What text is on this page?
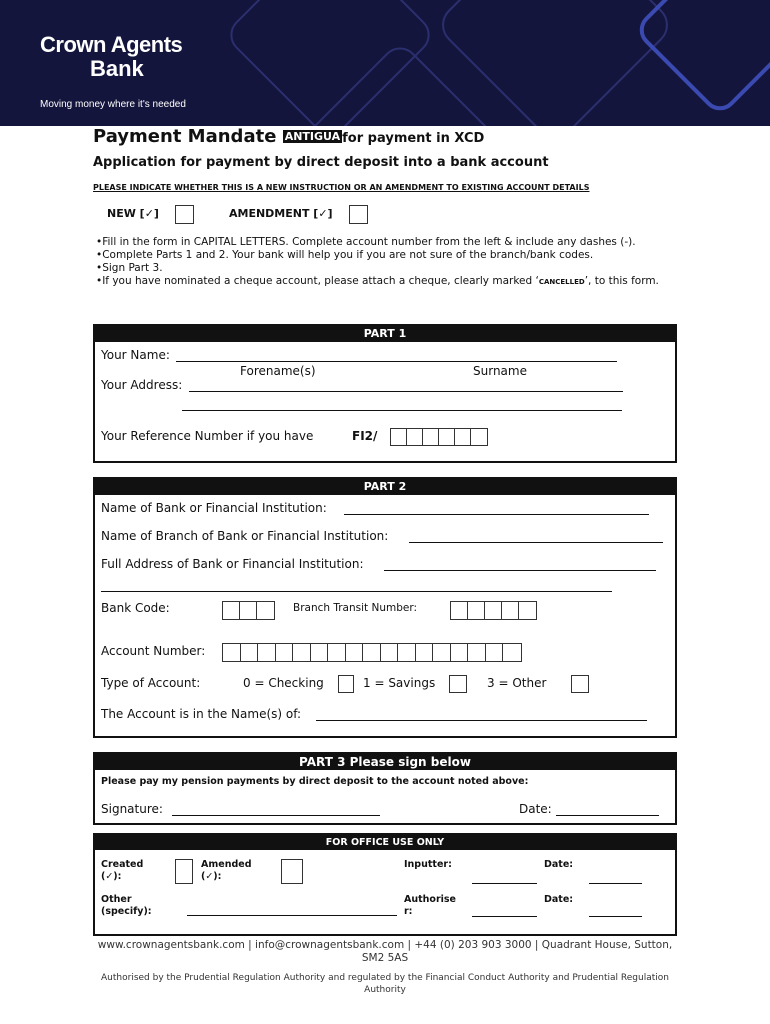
Crown Agents
Bank
Moving money where it's needed
Payment Mandate ANTIGUA for payment in XCD
Application for payment by direct deposit into a bank account
PLEASE INDICATE WHETHER THIS IS A NEW INSTRUCTION OR AN AMENDMENT TO EXISTING ACCOUNT DETAILS
NEW [✓]	AMENDMENT [✓]
•Fill in the form in CAPITAL LETTERS. Complete account number from the left & include any dashes (-).
•Complete Parts 1 and 2. Your bank will help you if you are not sure of the branch/bank codes.
•Sign Part 3.
•If you have nominated a cheque account, please attach a cheque, clearly marked ‘CANCELLED’, to this form.
PART 1
Your Name:
Forename(s)	Surname
Your Address:
Your Reference Number if you have	FI2/
PART 2
Name of Bank or Financial Institution:
Name of Branch of Bank or Financial Institution:
Full Address of Bank or Financial Institution:
Bank Code:	Branch Transit Number:
Account Number:
Type of Account:	0 = Checking	1 = Savings	3 = Other
The Account is in the Name(s) of:
PART 3 Please sign below
Please pay my pension payments by direct deposit to the account noted above:
Signature:	Date:
FOR OFFICE USE ONLY
Created (✓):
Amended (✓):
Inputter:	Date:
Other (specify):
Authoriser:
Date:
www.crownagentsbank.com | info@crownagentsbank.com | +44 (0) 203 903 3000 | Quadrant House, Sutton, SM2 5AS
Authorised by the Prudential Regulation Authority and regulated by the Financial Conduct Authority and Prudential Regulation Authority
